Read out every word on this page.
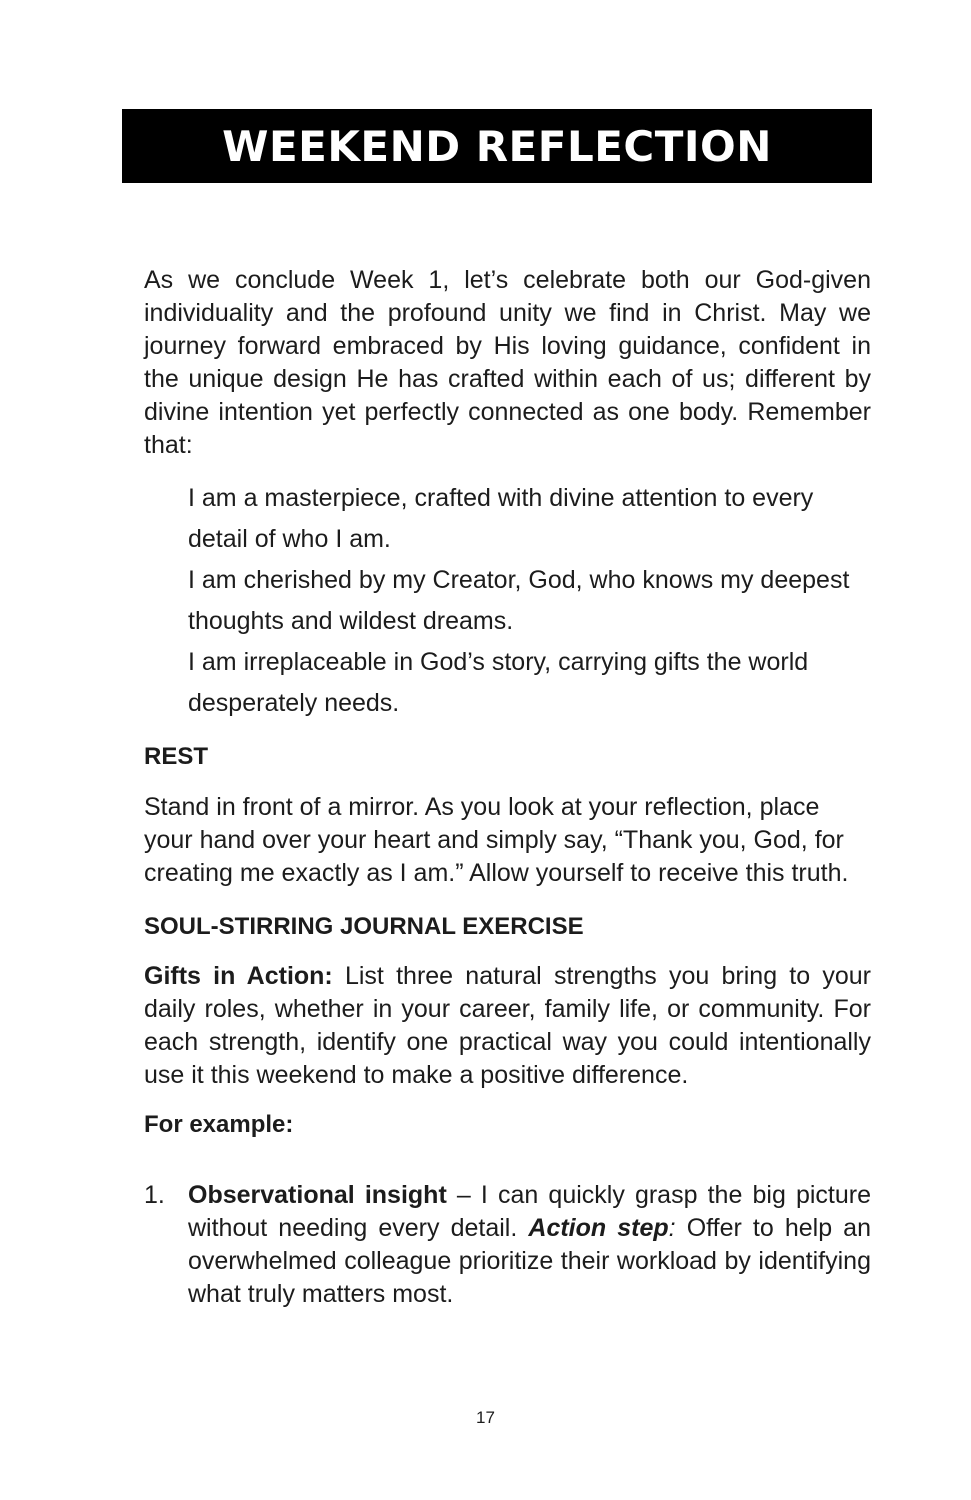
WEEKEND REFLECTION

As we conclude Week 1, let’s celebrate both our God-given individuality and the profound unity we find in Christ. May we journey forward embraced by His loving guidance, confident in the unique design He has crafted within each of us; different by divine intention yet perfectly connected as one body. Remember that:

I am a masterpiece, crafted with divine attention to every detail of who I am.
I am cherished by my Creator, God, who knows my deepest thoughts and wildest dreams.
I am irreplaceable in God’s story, carrying gifts the world desperately needs.
REST

Stand in front of a mirror. As you look at your reflection, place your hand over your heart and simply say, “Thank you, God, for creating me exactly as I am.” Allow yourself to receive this truth.

SOUL-STIRRING JOURNAL EXERCISE

Gifts in Action: List three natural strengths you bring to your daily roles, whether in your career, family life, or community. For each strength, identify one practical way you could intentionally use it this weekend to make a positive difference.

For example:
1. Observational insight – I can quickly grasp the big picture without needing every detail. Action step: Offer to help an overwhelmed colleague prioritize their workload by identifying what truly matters most.
17
